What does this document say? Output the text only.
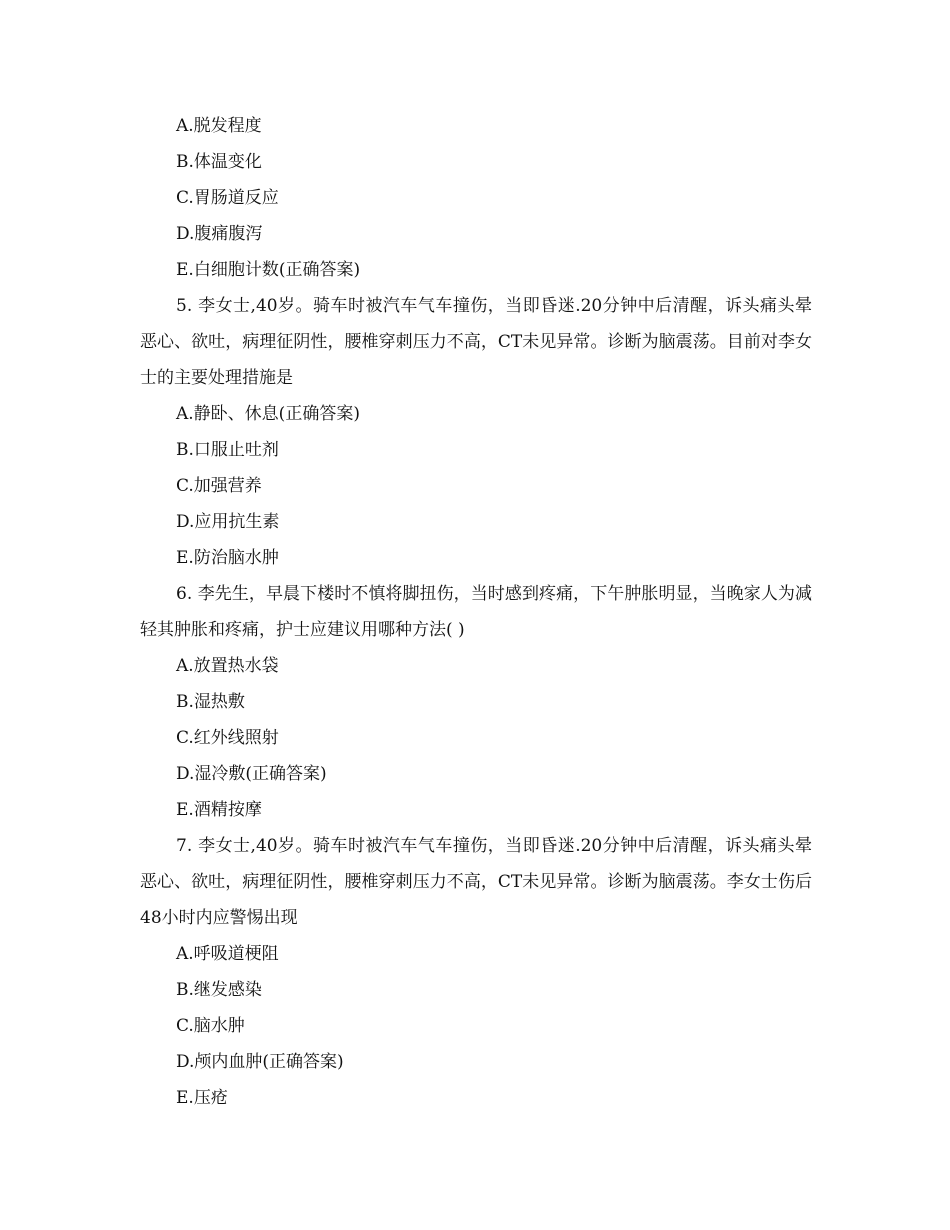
A.脱发程度

B.体温变化

C.胃肠道反应

D.腹痛腹泻

E.白细胞计数(正确答案)

5. 李女士,40岁。骑车时被汽车气车撞伤，当即昏迷.20分钟中后清醒，诉头痛头晕恶心、欲吐，病理征阴性，腰椎穿刺压力不高，CT未见异常。诊断为脑震荡。目前对李女士的主要处理措施是

A.静卧、休息(正确答案)

B.口服止吐剂

C.加强营养

D.应用抗生素

E.防治脑水肿

6. 李先生，早晨下楼时不慎将脚扭伤，当时感到疼痛，下午肿胀明显，当晚家人为减轻其肿胀和疼痛，护士应建议用哪种方法( )

A.放置热水袋

B.湿热敷

C.红外线照射

D.湿冷敷(正确答案)

E.酒精按摩

7. 李女士,40岁。骑车时被汽车气车撞伤，当即昏迷.20分钟中后清醒，诉头痛头晕恶心、欲吐，病理征阴性，腰椎穿刺压力不高，CT未见异常。诊断为脑震荡。李女士伤后48小时内应警惕出现

A.呼吸道梗阻

B.继发感染

C.脑水肿

D.颅内血肿(正确答案)

E.压疮
